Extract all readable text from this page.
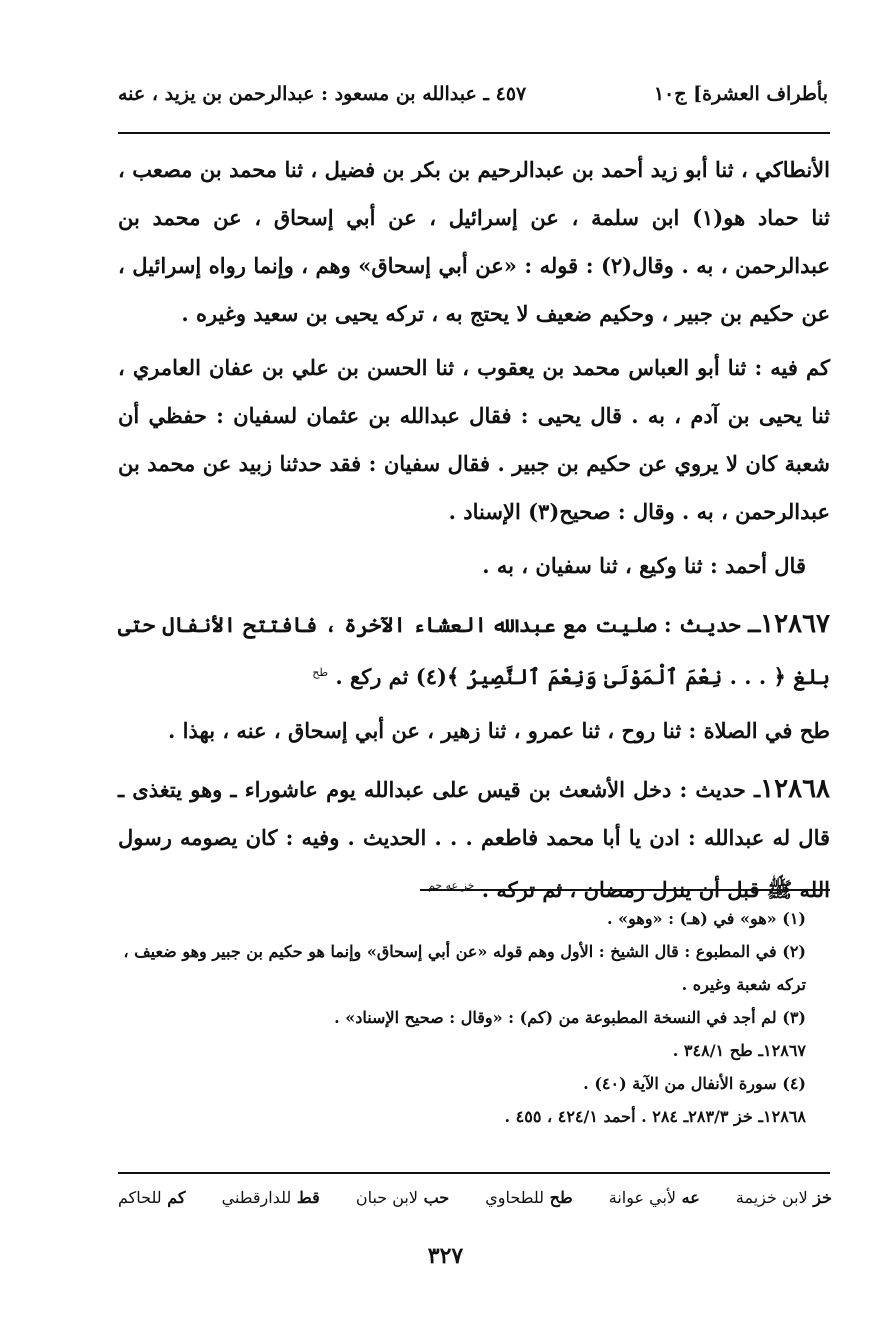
بأطراف العشرة] ج١٠
٤٥٧ ـ عبدالله بن مسعود : عبدالرحمن بن يزيد ، عنه

الأنطاكي ، ثنا أبو زيد أحمد بن عبدالرحيم بن بكر بن فضيل ، ثنا محمد بن مصعب ، ثنا حماد هو(١) ابن سلمة ، عن إسرائيل ، عن أبي إسحاق ، عن محمد بن عبدالرحمن ، به . وقال(٢) : قوله : «عن أبي إسحاق» وهم ، وإنما رواه إسرائيل ، عن حكيم بن جبير ، وحكيم ضعيف لا يحتج به ، تركه يحيى بن سعيد وغيره .

كم فيه : ثنا أبو العباس محمد بن يعقوب ، ثنا الحسن بن علي بن عفان العامري ، ثنا يحيى بن آدم ، به . قال يحيى : فقال عبدالله بن عثمان لسفيان : حفظي أن شعبة كان لا يروي عن حكيم بن جبير . فقال سفيان : فقد حدثنا زبيد عن محمد بن عبدالرحمن ، به . وقال : صحيح(٣) الإسناد .

قال أحمد : ثنا وكيع ، ثنا سفيان ، به .

١٢٨٦٧ـ حديث : صليت مع عبدالله العشاء الآخرة ، فافتتح الأنفال حتى بلغ ﴿ . . . نِعْمَ ٱلْمَوْلَىٰ وَنِعْمَ ٱلنَّصِيرُ ﴾(٤) ثم ركع . $^{طح}$

طح في الصلاة : ثنا روح ، ثنا عمرو ، ثنا زهير ، عن أبي إسحاق ، عنه ، بهذا .

١٢٨٦٨ـ حديث : دخل الأشعث بن قيس على عبدالله يوم عاشوراء ـ وهو يتغذى ـ قال له عبدالله : ادن يا أبا محمد فاطعم . . . الحديث . وفيه : كان يصومه رسول الله ﷺ قبل أن ينزل رمضان ، ثم تركه . $^{خز عه حم}$

(١) «هو» في (هـ) : «وهو» .

(٢) في المطبوع : قال الشيخ : الأول وهم قوله «عن أبي إسحاق» وإنما هو حكيم بن جبير وهو ضعيف ، تركه شعبة وغيره .

(٣) لم أجد في النسخة المطبوعة من (كم) : «وقال : صحيح الإسناد» .

١٢٨٦٧ـ طح ٣٤٨/١ .

(٤) سورة الأنفال من الآية (٤٠) .

١٢٨٦٨ـ خز ٢٨٣/٣ـ ٢٨٤ . أحمد ٤٢٤/١ ، ٤٥٥ .

خز لابن خزيمة
عه لأبي عوانة
طح للطحاوي
حب لابن حبان
قط للدارقطني
كم للحاكم
٣٢٧
